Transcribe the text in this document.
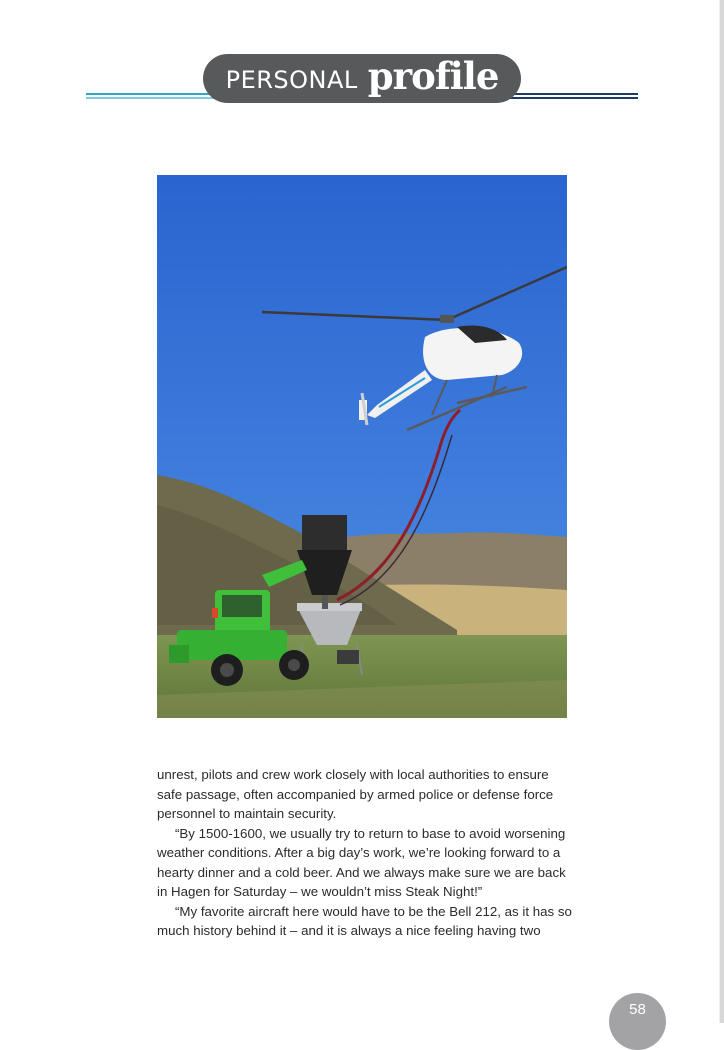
PERSONAL profile

unrest, pilots and crew work closely with local authorities to ensure safe passage, often accompanied by armed police or defense force personnel to maintain security.

“By 1500-1600, we usually try to return to base to avoid worsening weather conditions. After a big day’s work, we’re looking forward to a hearty dinner and a cold beer. And we always make sure we are back in Hagen for Saturday – we wouldn’t miss Steak Night!”

“My favorite aircraft here would have to be the Bell 212, as it has so much history behind it – and it is always a nice feeling having two

58
